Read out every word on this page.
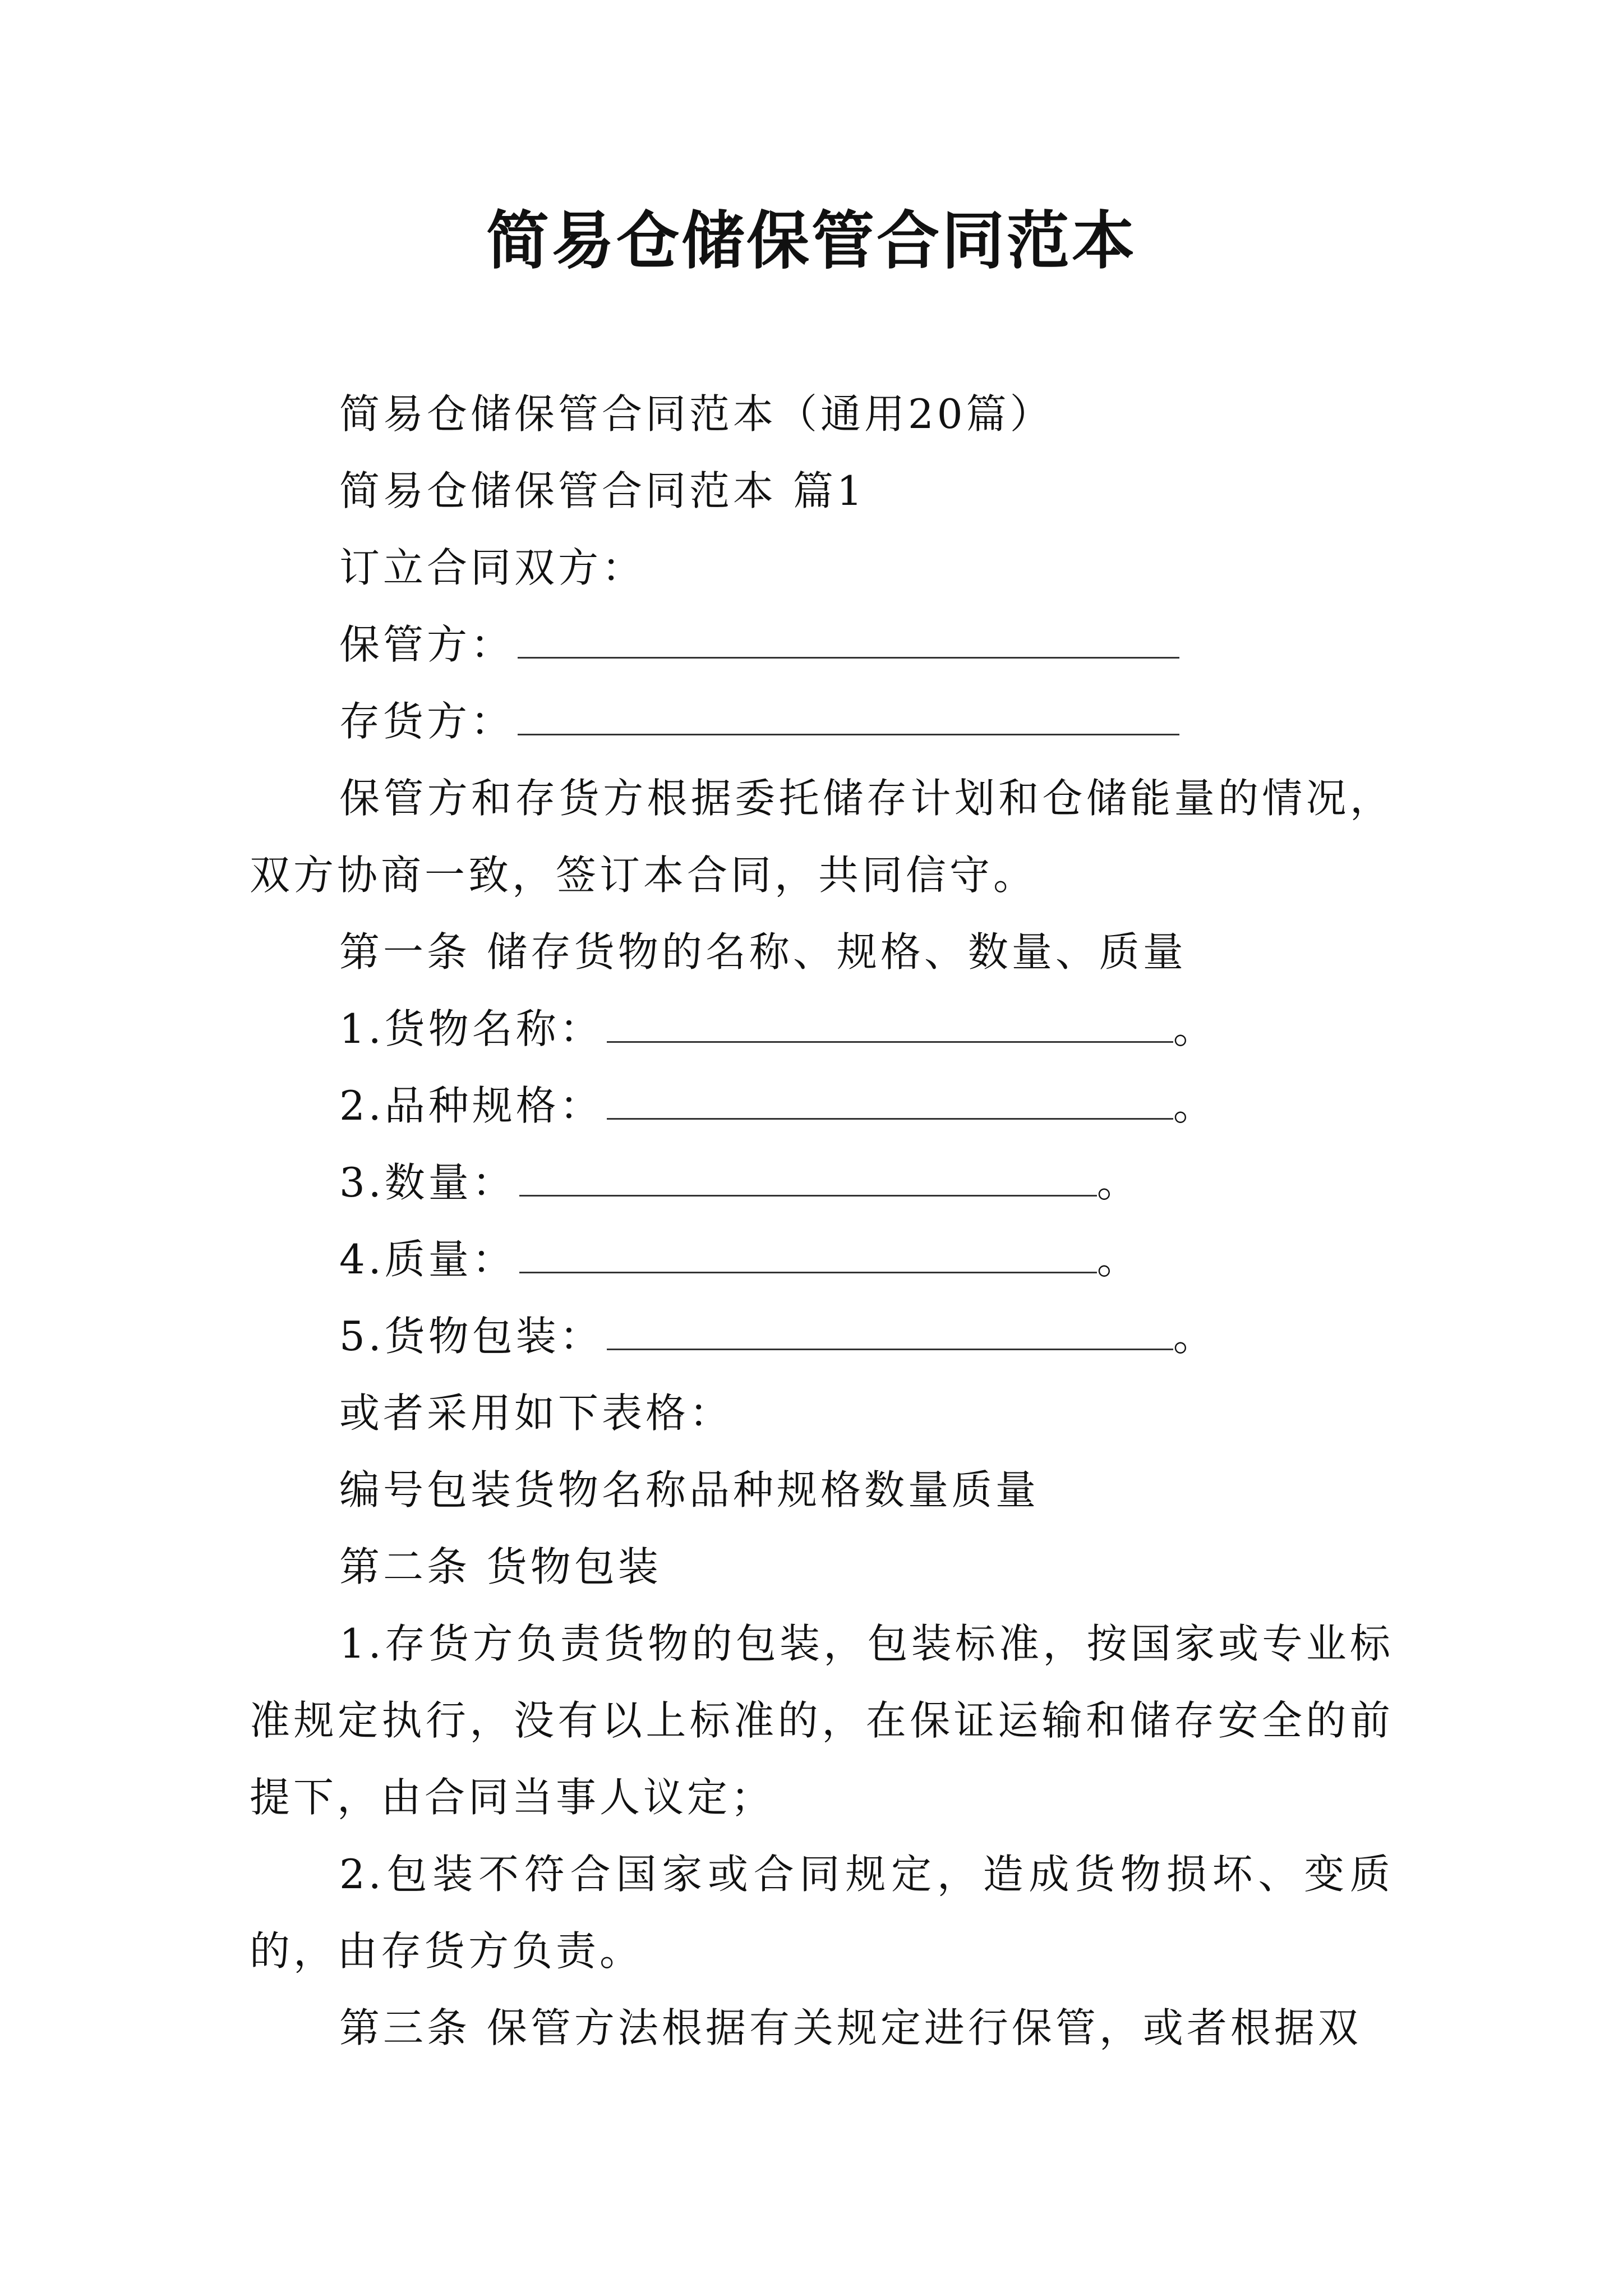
简易仓储保管合同范本

简易仓储保管合同范本（通用20篇）

简易仓储保管合同范本 篇1

订立合同双方：

保管方：

存货方：

保管方和存货方根据委托储存计划和仓储能量的情况，双方协商一致，签订本合同，共同信守。

第一条 储存货物的名称、规格、数量、质量

1.货物名称：	。

2.品种规格：	。

3.数量：	。

4.质量：	。

5.货物包装：	。

或者采用如下表格：

编号包装货物名称品种规格数量质量

第二条 货物包装

1.存货方负责货物的包装，包装标准，按国家或专业标准规定执行，没有以上标准的，在保证运输和储存安全的前提下，由合同当事人议定；

2.包装不符合国家或合同规定，造成货物损坏、变质的，由存货方负责。

第三条 保管方法根据有关规定进行保管，或者根据双
